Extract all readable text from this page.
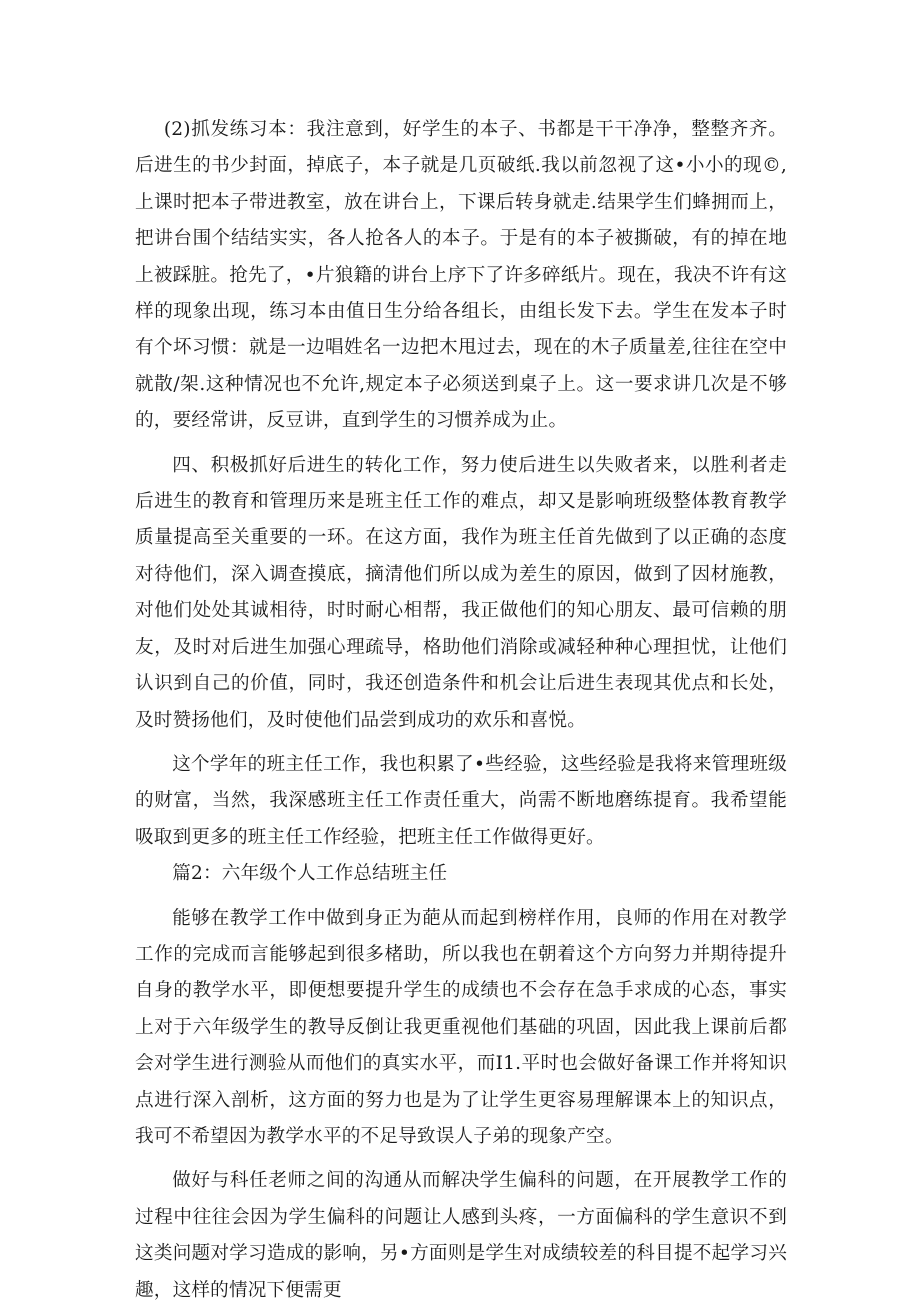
(2)抓发练习本：我注意到，好学生的本子、书都是干干净净，整整齐齐。后进生的书少封面，掉底子，本子就是几页破纸.我以前忽视了这•小小的现©,上课时把本子带进教室，放在讲台上，下课后转身就走.结果学生们蜂拥而上，把讲台围个结结实实，各人抢各人的本子。于是有的本子被撕破，有的掉在地上被踩脏。抢先了，•片狼籍的讲台上序下了许多碎纸片。现在，我决不许有这样的现象出现，练习本由值日生分给各组长，由组长发下去。学生在发本子时有个坏习惯：就是一边唱姓名一边把木甩过去，现在的木子质量差,往往在空中就散/架.这种情况也不允许,规定本子必须送到桌子上。这一要求讲几次是不够的，要经常讲，反豆讲，直到学生的习惯养成为止。

四、积极抓好后进生的转化工作，努力使后进生以失败者来，以胜利者走后进生的教育和管理历来是班主任工作的难点，却又是影响班级整体教育教学质量提高至关重要的一环。在这方面，我作为班主任首先做到了以正确的态度对待他们，深入调查摸底，摘清他们所以成为差生的原因，做到了因材施教，对他们处处其诚相待，时时耐心相帮，我正做他们的知心朋友、最可信赖的朋友，及时对后进生加强心理疏导，格助他们消除或减轻种种心理担忧，让他们认识到自己的价值，同时，我还创造条件和机会让后进生表现其优点和长处，及时赞扬他们，及时使他们品尝到成功的欢乐和喜悦。

这个学年的班主任工作，我也积累了•些经验，这些经验是我将来管理班级的财富，当然，我深感班主任工作责任重大，尚需不断地磨练提育。我希望能吸取到更多的班主任工作经验，把班主任工作做得更好。

篇2：六年级个人工作总结班主任

能够在教学工作中做到身正为葩从而起到榜样作用，良师的作用在对教学工作的完成而言能够起到很多楮助，所以我也在朝着这个方向努力并期待提升自身的教学水平，即便想要提升学生的成绩也不会存在急手求成的心态，事实上对于六年级学生的教导反倒让我更重视他们基础的巩固，因此我上课前后都会对学生进行测验从而他们的真实水平，而I1.平时也会做好备课工作并将知识点进行深入剖析，这方面的努力也是为了让学生更容易理解课本上的知识点，我可不希望因为教学水平的不足导致误人子弟的现象产空。

做好与科任老师之间的沟通从而解决学生偏科的问题，在开展教学工作的过程中往往会因为学生偏科的问题让人感到头疼，一方面偏科的学生意识不到这类问题对学习造成的影响，另•方面则是学生对成绩较差的科目提不起学习兴趣，这样的情况下便需更
